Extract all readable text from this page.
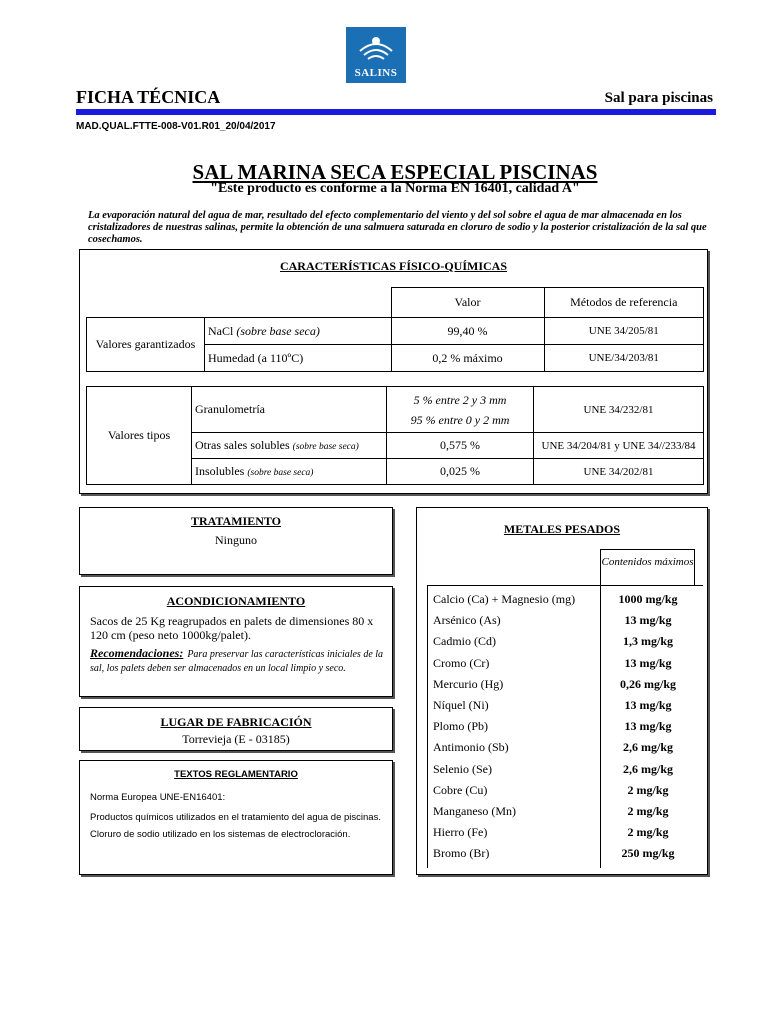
SALINS
FICHA TÉCNICA	Sal para piscinas
MAD.QUAL.FTTE-008-V01.R01_20/04/2017
SAL MARINA SECA ESPECIAL PISCINAS
"Este producto es conforme a la Norma EN 16401, calidad A"
La evaporación natural del agua de mar, resultado del efecto complementario del viento y del sol sobre el agua de mar almacenada en los cristalizadores de nuestras salinas, permite la obtención de una salmuera saturada en cloruro de sodio y la posterior cristalización de la sal que cosechamos.
CARACTERÍSTICAS FÍSICO-QUÍMICAS
		Valor	Métodos de referencia
Valores garantizados	NaCl (sobre base seca)	99,40 %	UNE 34/205/81
	Humedad (a 110ºC)	0,2 % máximo	UNE/34/203/81
Valores tipos	Granulometría	5 % entre 2 y 3 mm
95 % entre 0 y 2 mm	UNE 34/232/81
	Otras sales solubles (sobre base seca)	0,575 %	UNE 34/204/81 y UNE 34//233/84
	Insolubles (sobre base seca)	0,025 %	UNE 34/202/81
TRATAMIENTO
Ninguno
ACONDICIONAMIENTO
Sacos de 25 Kg reagrupados en palets de dimensiones 80 x 120 cm (peso neto 1000kg/palet).
Recomendaciones: Para preservar las características iniciales de la sal, los palets deben ser almacenados en un local limpio y seco.
LUGAR DE FABRICACIÓN
Torrevieja (E - 03185)
TEXTOS REGLAMENTARIO
Norma Europea UNE-EN16401:
Productos químicos utilizados en el tratamiento del agua de piscinas.
Cloruro de sodio utilizado en los sistemas de electrocloración.
METALES PESADOS
Contenidos máximos
Calcio (Ca) + Magnesio (mg)	1000 mg/kg
Arsénico (As)	13 mg/kg
Cadmio (Cd)	1,3 mg/kg
Cromo (Cr)	13 mg/kg
Mercurio (Hg)	0,26 mg/kg
Níquel (Ni)	13 mg/kg
Plomo (Pb)	13 mg/kg
Antimonio (Sb)	2,6 mg/kg
Selenio (Se)	2,6 mg/kg
Cobre (Cu)	2 mg/kg
Manganeso (Mn)	2 mg/kg
Hierro (Fe)	2 mg/kg
Bromo (Br)	250 mg/kg
